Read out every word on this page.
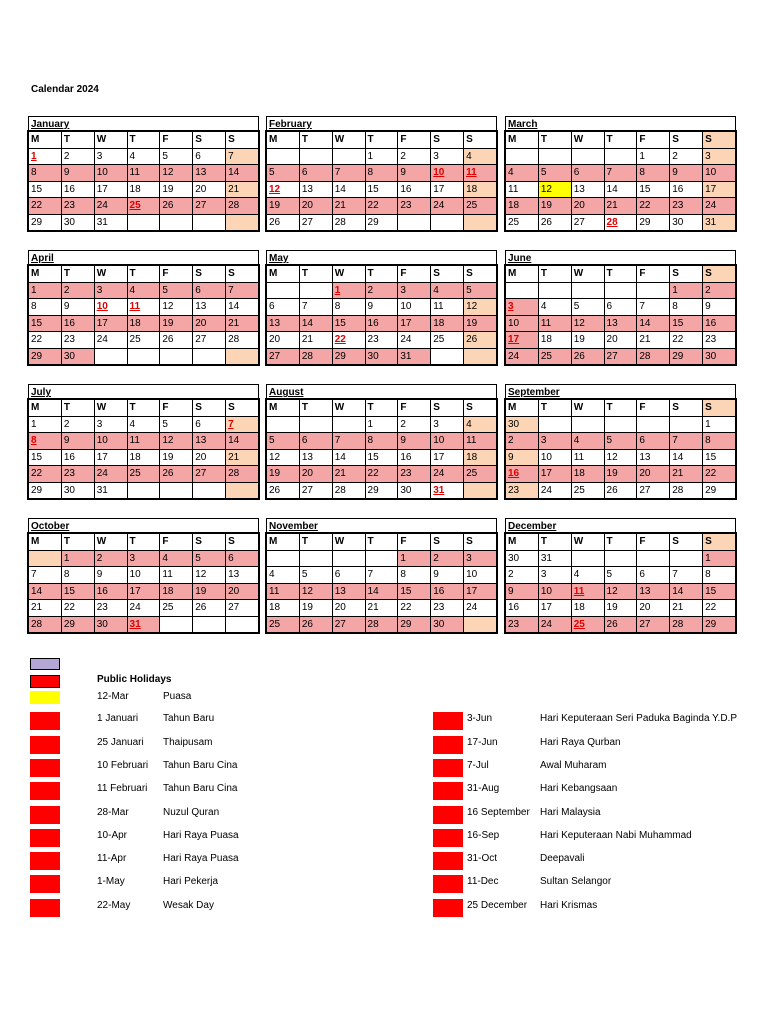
Calendar 2024
January
M	T	W	T	F	S	S
1	2	3	4	5	6	7
8	9	10	11	12	13	14
15	16	17	18	19	20	21
22	23	24	25	26	27	28
29	30	31				
February
M	T	W	T	F	S	S
			1	2	3	4
5	6	7	8	9	10	11
12	13	14	15	16	17	18
19	20	21	22	23	24	25
26	27	28	29			
March
M	T	W	T	F	S	S
				1	2	3
4	5	6	7	8	9	10
11	12	13	14	15	16	17
18	19	20	21	22	23	24
25	26	27	28	29	30	31
April
M	T	W	T	F	S	S
1	2	3	4	5	6	7
8	9	10	11	12	13	14
15	16	17	18	19	20	21
22	23	24	25	26	27	28
29	30					
May
M	T	W	T	F	S	S
		1	2	3	4	5
6	7	8	9	10	11	12
13	14	15	16	17	18	19
20	21	22	23	24	25	26
27	28	29	30	31		
June
M	T	W	T	F	S	S
					1	2
3	4	5	6	7	8	9
10	11	12	13	14	15	16
17	18	19	20	21	22	23
24	25	26	27	28	29	30
July
M	T	W	T	F	S	S
1	2	3	4	5	6	7
8	9	10	11	12	13	14
15	16	17	18	19	20	21
22	23	24	25	26	27	28
29	30	31				
August
M	T	W	T	F	S	S
			1	2	3	4
5	6	7	8	9	10	11
12	13	14	15	16	17	18
19	20	21	22	23	24	25
26	27	28	29	30	31	
September
M	T	W	T	F	S	S
30						1
2	3	4	5	6	7	8
9	10	11	12	13	14	15
16	17	18	19	20	21	22
23	24	25	26	27	28	29
October
M	T	W	T	F	S	S
	1	2	3	4	5	6
7	8	9	10	11	12	13
14	15	16	17	18	19	20
21	22	23	24	25	26	27
28	29	30	31			
November
M	T	W	T	F	S	S
				1	2	3
4	5	6	7	8	9	10
11	12	13	14	15	16	17
18	19	20	21	22	23	24
25	26	27	28	29	30	
December
M	T	W	T	F	S	S
30	31					1
2	3	4	5	6	7	8
9	10	11	12	13	14	15
16	17	18	19	20	21	22
23	24	25	26	27	28	29
Public Holidays
12-Mar	Puasa
1 Januari Tahun Baru
25 Januari Thaipusam
10 Februari Tahun Baru Cina
11 Februari Tahun Baru Cina
28-Mar	Nuzul Quran
10-Apr	Hari Raya Puasa
11-Apr	Hari Raya Puasa
1-May	Hari Pekerja
22-May	Wesak Day
3-Jun	Hari Keputeraan Seri Paduka Baginda Y.D.P
17-Jun	Hari Raya Qurban
7-Jul	Awal Muharam
31-Aug	Hari Kebangsaan
16 September Hari Malaysia
16-Sep	Hari Keputeraan Nabi Muhammad
31-Oct	Deepavali
11-Dec	Sultan Selangor
25 December Hari Krismas
